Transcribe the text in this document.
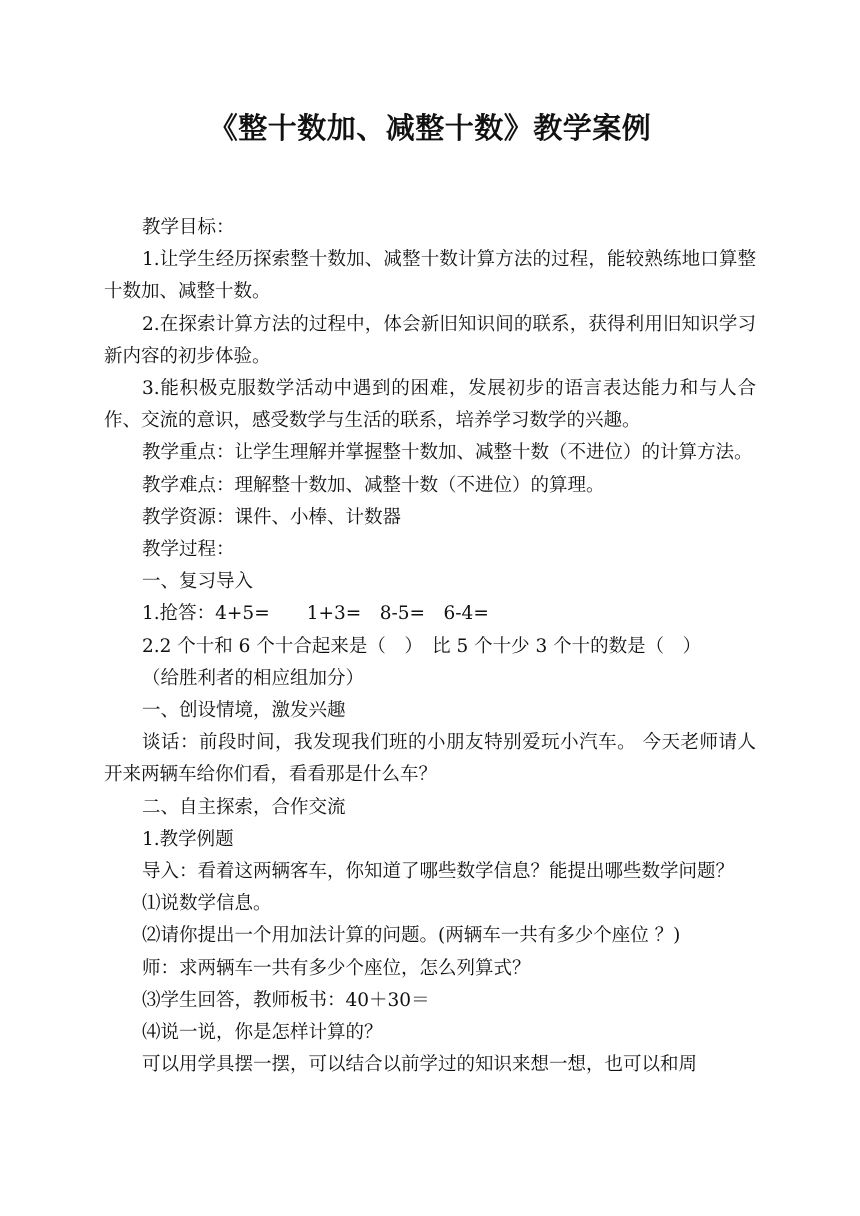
《整十数加、减整十数》教学案例

教学目标：

1.让学生经历探索整十数加、减整十数计算方法的过程，能较熟练地口算整十数加、减整十数。

2.在探索计算方法的过程中，体会新旧知识间的联系，获得利用旧知识学习新内容的初步体验。

3.能积极克服数学活动中遇到的困难，发展初步的语言表达能力和与人合作、交流的意识，感受数学与生活的联系，培养学习数学的兴趣。

教学重点：让学生理解并掌握整十数加、减整十数（不进位）的计算方法。

教学难点：理解整十数加、减整十数（不进位）的算理。

教学资源：课件、小棒、计数器

教学过程：

一、复习导入

1.抢答：4+5=　　1+3=　8-5=　6-4=

2.2 个十和 6 个十合起来是（　）　比 5 个十少 3 个十的数是（　）

（给胜利者的相应组加分）

一、创设情境，激发兴趣

谈话：前段时间，我发现我们班的小朋友特别爱玩小汽车。 今天老师请人开来两辆车给你们看，看看那是什么车？

二、自主探索，合作交流

1.教学例题

导入：看着这两辆客车，你知道了哪些数学信息？能提出哪些数学问题？

⑴说数学信息。

⑵请你提出一个用加法计算的问题。(两辆车一共有多少个座位 ？)

师：求两辆车一共有多少个座位，怎么列算式？

⑶学生回答，教师板书：40＋30＝

⑷说一说，你是怎样计算的？

可以用学具摆一摆，可以结合以前学过的知识来想一想，也可以和周
